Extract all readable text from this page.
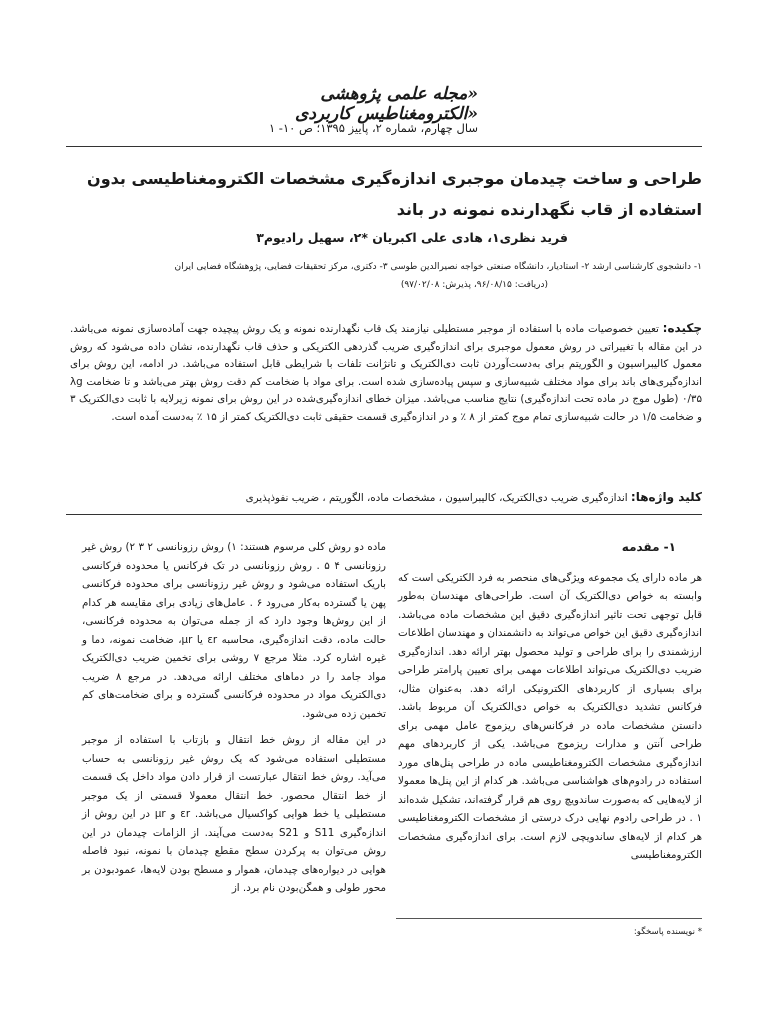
«مجله علمی پژوهشی «الکترومغناطیس کاربردی
سال چهارم، شماره ۲، پاییز ۱۳۹۵؛ ص ۱۰- ۱
طراحی و ساخت چیدمان موجبری اندازه‌گیری مشخصات الکترومغناطیسی بدون استفاده از قاب نگهدارنده نمونه در باند
فرید نظری۱، هادی علی اکبریان *۲، سهیل رادیوم۳
۱- دانشجوی کارشناسی ارشد ۲- استادیار، دانشگاه صنعتی خواجه نصیرالدین طوسی ۳- دکتری، مرکز تحقیقات فضایی، پژوهشگاه فضایی ایران
(دریافت: ۹۶/۰۸/۱۵، پذیرش: ۹۷/۰۲/۰۸)
چکیده: تعیین خصوصیات ماده با استفاده از موجبر مستطیلی نیازمند یک قاب نگهدارنده نمونه و یک روش پیچیده جهت آماده‌سازی نمونه می‌باشد. در این مقاله با تغییراتی در روش معمول موجبری برای اندازه‌گیری ضریب گذردهی الکتریکی و حذف قاب نگهدارنده، نشان داده می‌شود که روش معمول کالیبراسیون و الگوریتم برای به‌دست‌آوردن ثابت دی‌الکتریک و تانژانت تلفات با شرایطی قابل استفاده می‌باشد. در ادامه، این روش برای اندازه‌گیری‌های باند برای مواد مختلف شبیه‌سازی و سپس پیاده‌سازی شده است. برای مواد با ضخامت کم دقت روش بهتر می‌باشد و تا ضخامت λg ۰/۳۵ (طول موج در ماده تحت اندازه‌گیری) نتایج مناسب می‌باشد. میزان خطای اندازه‌گیری‌شده در این روش برای نمونه زیرلایه با ثابت دی‌الکتریک ۳ و ضخامت ۱/۵ در حالت شبیه‌سازی تمام موج کمتر از ۸ ٪ و در اندازه‌گیری قسمت حقیقی ثابت دی‌الکتریک کمتر از ۱۵ ٪ به‌دست آمده است.
کلید واژه‌ها: اندازه‌گیری ضریب دی‌الکتریک، کالیبراسیون ، مشخصات ماده، الگوریتم ، ضریب نفوذپذیری
۱- مقدمه

هر ماده دارای یک مجموعه ویژگی‌های منحصر به فرد الکتریکی است که وابسته به خواص دی‌الکتریک آن است. طراحی‌های مهندسان به‌طور قابل توجهی تحت تاثیر اندازه‌گیری دقیق این مشخصات ماده می‌باشد. اندازه‌گیری دقیق این خواص می‌تواند به دانشمندان و مهندسان اطلاعات ارزشمندی را برای طراحی و تولید محصول بهتر ارائه دهد. اندازه‌گیری ضریب دی‌الکتریک می‌تواند اطلاعات مهمی برای تعیین پارامتر طراحی برای بسیاری از کاربردهای الکترونیکی ارائه دهد. به‌عنوان مثال، فرکانس تشدید دی‌الکتریک به خواص دی‌الکتریک آن مربوط باشد. دانستن مشخصات ماده در فرکانس‌های ریزموج عامل مهمی برای طراحی آنتن و مدارات ریزموج می‌باشد. یکی از کاربردهای مهم اندازه‌گیری مشخصات الکترومغناطیسی ماده در طراحی پنل‌های مورد استفاده در رادوم‌های هواشناسی می‌باشد. هر کدام از این پنل‌ها معمولا از لایه‌هایی که به‌صورت ساندویچ روی هم قرار گرفته‌اند، تشکیل شده‌اند ۱ . در طراحی رادوم نهایی درک درستی از مشخصات الکترومغناطیسی هر کدام از لایه‌های ساندویچی لازم است. برای اندازه‌گیری مشخصات الکترومغناطیسی

ماده دو روش کلی مرسوم هستند: ۱) روش رزونانسی ۲ ۳ ۲) روش غیر رزونانسی ۴ ۵ . روش رزونانسی در تک فرکانس یا محدوده فرکانسی باریک استفاده می‌شود و روش غیر رزونانسی برای محدوده فرکانسی پهن یا گسترده به‌کار می‌رود ۶ . عامل‌های زیادی برای مقایسه هر کدام از این روش‌ها وجود دارد که از جمله می‌توان به محدوده فرکانسی، حالت ماده، دقت اندازه‌گیری، محاسبه εr یا μr، ضخامت نمونه، دما و غیره اشاره کرد. مثلا مرجع ۷ روشی برای تخمین ضریب دی‌الکتریک مواد جامد را در دماهای مختلف ارائه می‌دهد. در مرجع ۸ ضریب دی‌الکتریک مواد در محدوده فرکانسی گسترده و برای ضخامت‌های کم تخمین زده می‌شود.

در این مقاله از روش خط انتقال و بازتاب با استفاده از موجبر مستطیلی استفاده می‌شود که یک روش غیر رزونانسی به حساب می‌آید. روش خط انتقال عبارتست از قرار دادن مواد داخل یک قسمت از خط انتقال محصور. خط انتقال معمولا قسمتی از یک موجبر مستطیلی یا خط هوایی کواکسیال می‌باشد. εr و μr در این روش از اندازه‌گیری S11 و S21 به‌دست می‌آیند. از الزامات چیدمان در این روش می‌توان به پرکردن سطح مقطع چیدمان با نمونه، نبود فاصله هوایی در دیواره‌های چیدمان، هموار و مسطح بودن لایه‌ها، عمودبودن بر محور طولی و همگن‌بودن نام برد. از

* نویسنده پاسخگو:
